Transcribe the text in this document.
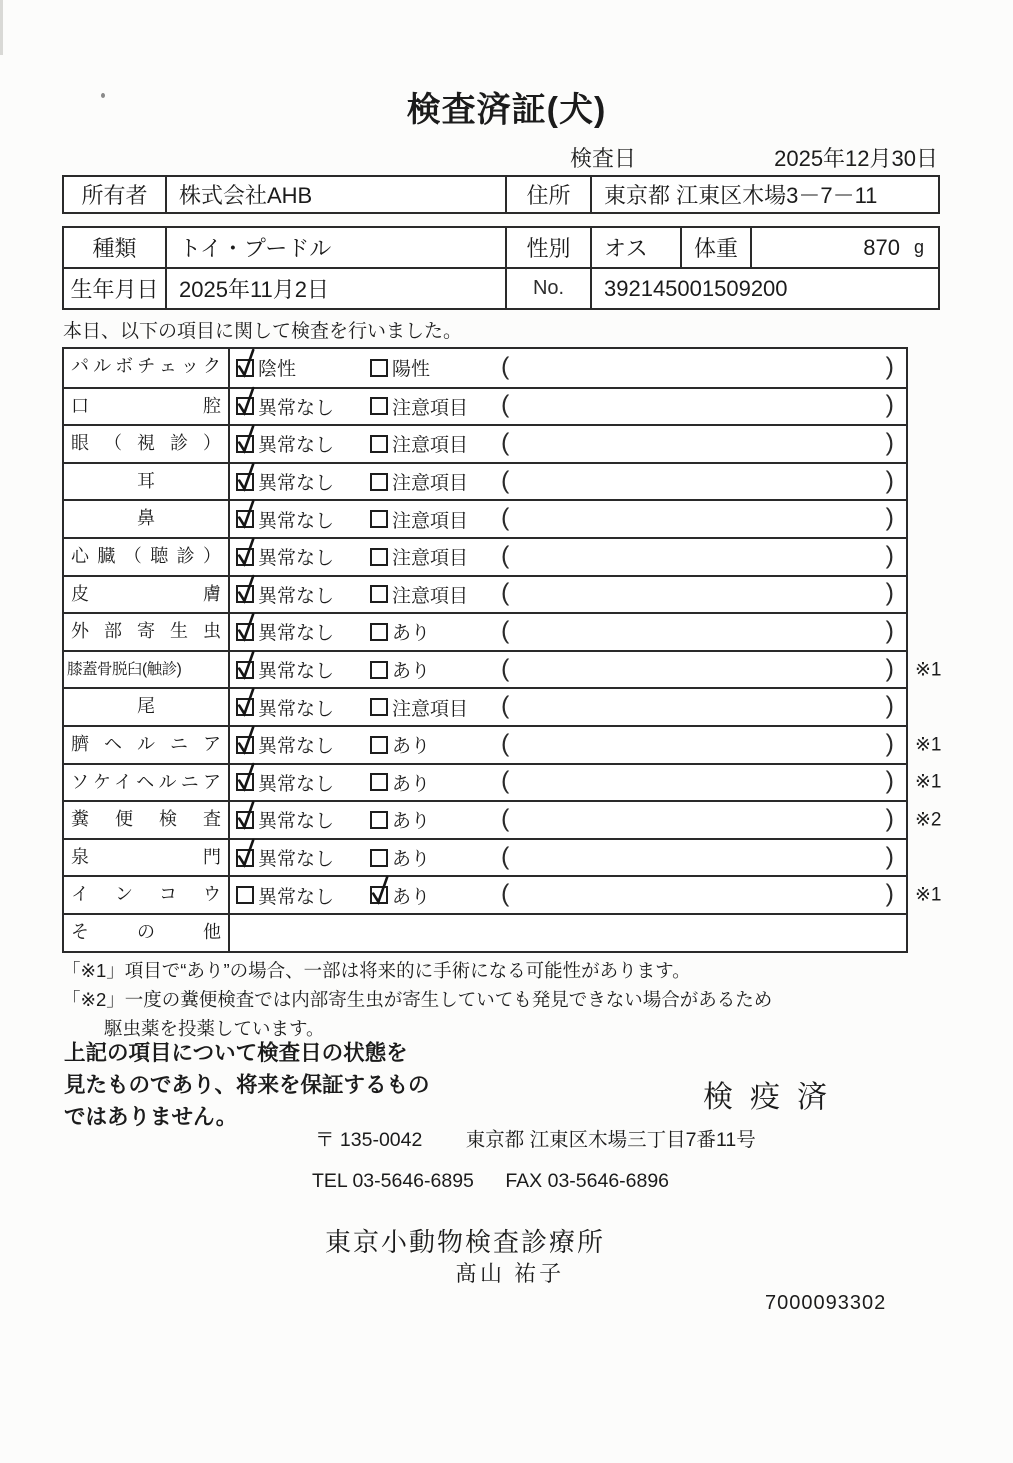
検査済証(犬)
検査日	2025年12月30日
所有者	株式会社AHB	住所	東京都 江東区木場3－7－11
種類	トイ・プードル	性別	オス	体重	870 g
生年月日 2025年11月2日	No.	392145001509200
本日、以下の項目に関して検査を行いました。
パルボチェック	陰性	陽性	(	)
口腔	異常なし	注意項目 (	)
眼（視診）	異常なし	注意項目 (	)
耳	異常なし	注意項目 (	)
鼻	異常なし	注意項目 (	)
心臓（聴診）	異常なし	注意項目 (	)
皮膚	異常なし	注意項目 (	)
外部寄生虫	異常なし	あり	(	)
膝蓋骨脱臼(触診)	異常なし	あり	(	) ※1
尾	異常なし	注意項目 (	)
臍ヘルニア	異常なし	あり	(	) ※1
ソケイヘルニア	異常なし	あり	(	) ※1
糞便検査	異常なし	あり	(	) ※2
泉門	異常なし	あり	(	)
インコウ	異常なし	あり	(	) ※1
その他
「※1」項目で“あり”の場合、一部は将来的に手術になる可能性があります。
「※2」一度の糞便検査では内部寄生虫が寄生していても発見できない場合があるため
駆虫薬を投薬しています。
上記の項目について検査日の状態を
見たものであり、将来を保証するもの
ではありません。
検疫済
〒 135-0042 東京都 江東区木場三丁目7番11号
TEL 03-5646-6895 FAX 03-5646-6896
東京小動物検査診療所
髙山 祐子
7000093302
